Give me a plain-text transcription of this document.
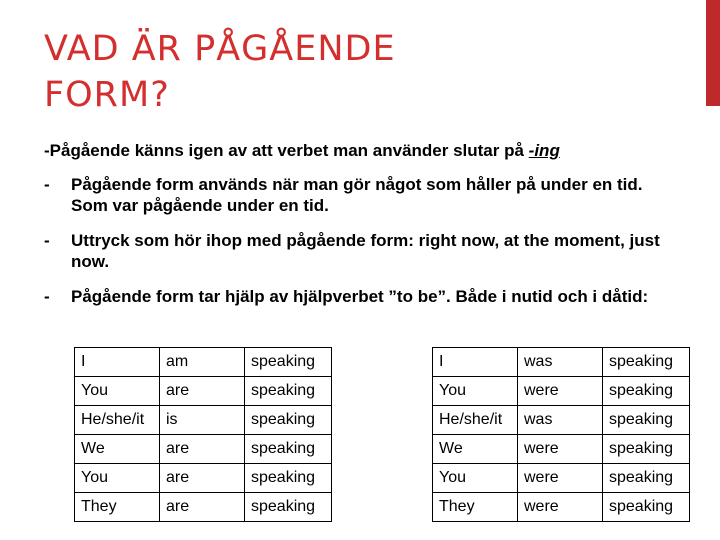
VAD ÄR PÅGÅENDE
FORM?

-Pågående känns igen av att verbet man använder slutar på -ing

- Pågående form används när man gör något som håller på under en tid. Som var pågående under en tid.
- Uttryck som hör ihop med pågående form: right now, at the moment, just now.
- Pågående form tar hjälp av hjälpverbet ”to be”. Både i nutid och i dåtid:
I	am	speaking
You	are	speaking
He/she/it	is	speaking
We	are	speaking
You	are	speaking
They	are	speaking
I	was	speaking
You	were	speaking
He/she/it	was	speaking
We	were	speaking
You	were	speaking
They	were	speaking
